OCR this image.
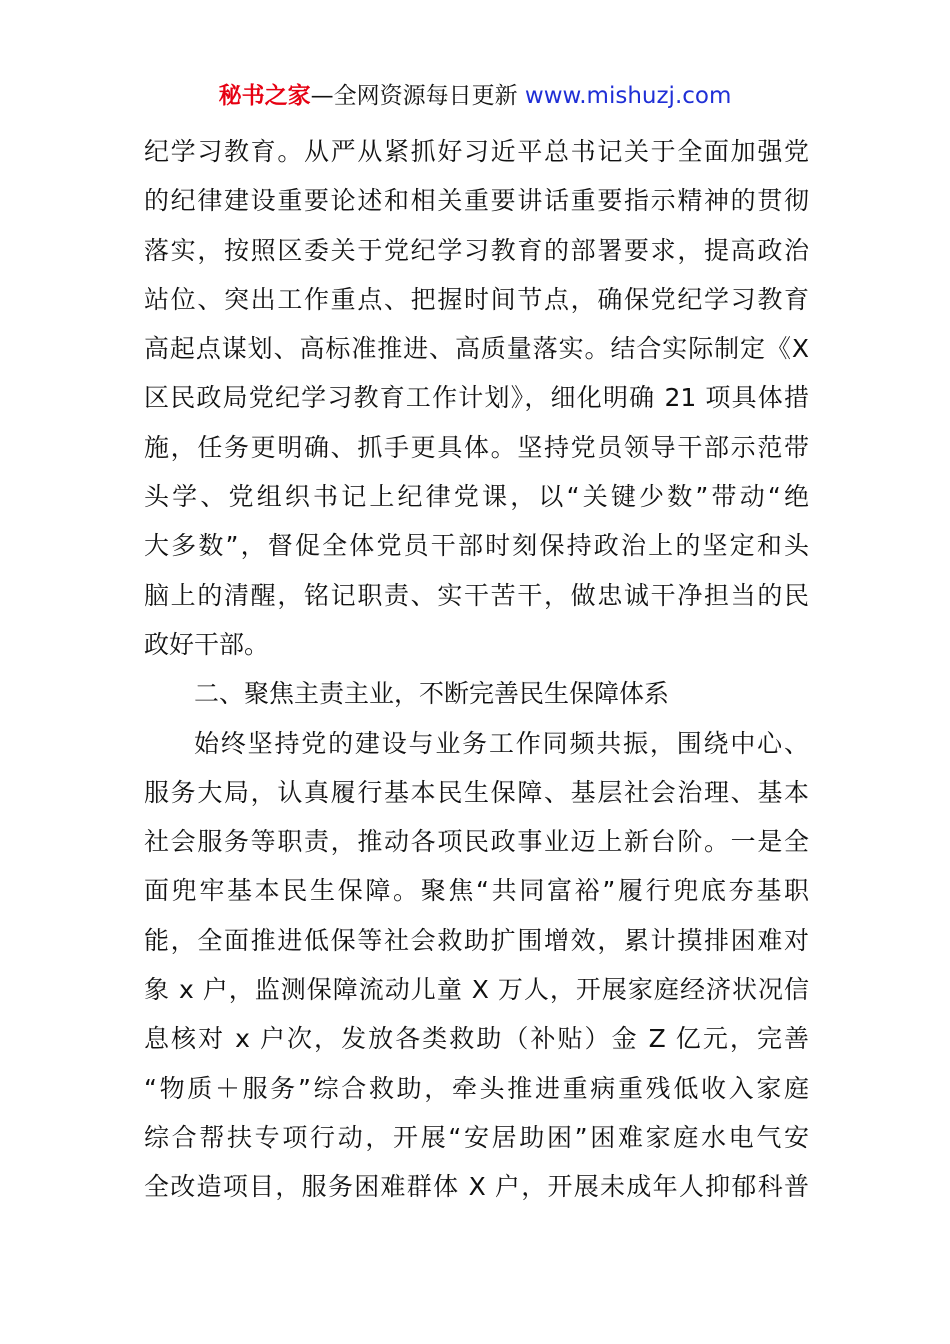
秘书之家—全网资源每日更新 www.mishuzj.com
纪学习教育。从严从紧抓好习近平总书记关于全面加强党
的纪律建设重要论述和相关重要讲话重要指示精神的贯彻
落实，按照区委关于党纪学习教育的部署要求，提高政治
站位、突出工作重点、把握时间节点，确保党纪学习教育
高起点谋划、高标准推进、高质量落实。结合实际制定《X
区民政局党纪学习教育工作计划》，细化明确 21 项具体措
施，任务更明确、抓手更具体。坚持党员领导干部示范带
头学、党组织书记上纪律党课，以“关键少数”带动“绝
大多数”，督促全体党员干部时刻保持政治上的坚定和头
脑上的清醒，铭记职责、实干苦干，做忠诚干净担当的民
政好干部。
二、聚焦主责主业，不断完善民生保障体系
始终坚持党的建设与业务工作同频共振，围绕中心、
服务大局，认真履行基本民生保障、基层社会治理、基本
社会服务等职责，推动各项民政事业迈上新台阶。一是全
面兜牢基本民生保障。聚焦“共同富裕”履行兜底夯基职
能，全面推进低保等社会救助扩围增效，累计摸排困难对
象 x 户，监测保障流动儿童 X 万人，开展家庭经济状况信
息核对 x 户次，发放各类救助（补贴）金 Z 亿元，完善
“物质＋服务”综合救助，牵头推进重病重残低收入家庭
综合帮扶专项行动，开展“安居助困”困难家庭水电气安
全改造项目，服务困难群体 X 户，开展未成年人抑郁科普
